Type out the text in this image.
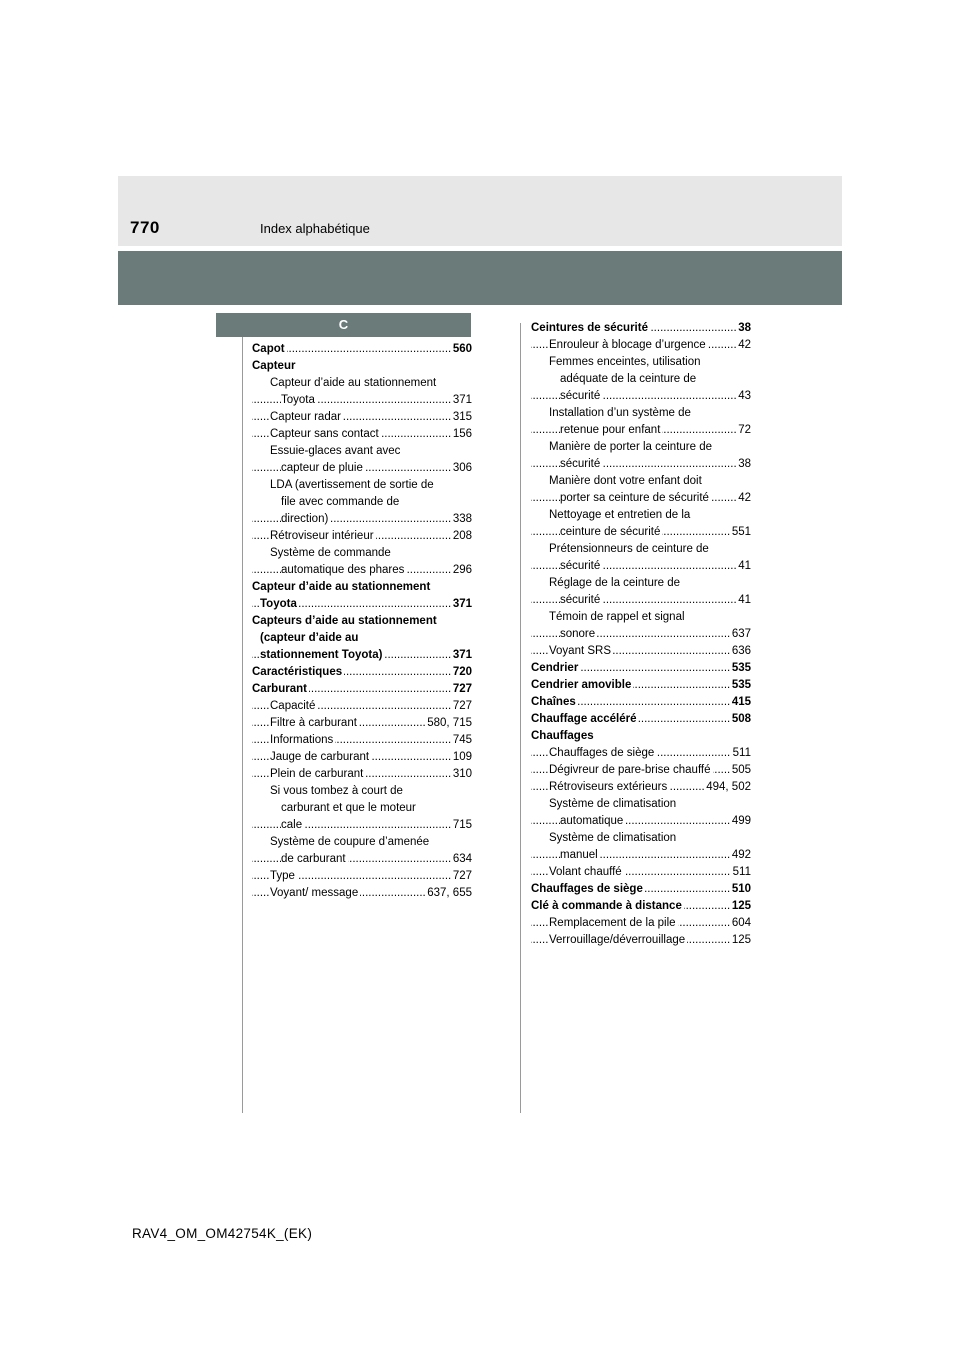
770	Index alphabétique
C
. . . Capot	560
Capteur
. . . Capteur d’aide au stationnement Toyota	371
. . . Capteur radar	315
. . . Capteur sans contact	156
. . . Essuie-glaces avant avec capteur de pluie	306
. . . LDA (avertissement de sortie de file avec commande de direction)	338
. . . Rétroviseur intérieur	208
. . . Système de commande automatique des phares	296
. . . Capteur d’aide au stationnement Toyota	371
. . . Capteurs d’aide au stationnement (capteur d’aide au stationnement Toyota)	371
. . . Caractéristiques	720
. . . Carburant	727
. . . Capacité	727
. . . Filtre à carburant	580, 715
. . . Informations	745
. . . Jauge de carburant	109
. . . Plein de carburant	310
. . . Si vous tombez à court de carburant et que le moteur cale	715
. . . Système de coupure d’amenée de carburant	634
. . . Type	727
. . . Voyant/ message	637, 655
. . . Ceintures de sécurité	38
. . . Enrouleur à blocage d’urgence	42
. . . Femmes enceintes, utilisation adéquate de la ceinture de sécurité	43
. . . Installation d’un système de retenue pour enfant	72
. . . Manière de porter la ceinture de sécurité	38
. . . Manière dont votre enfant doit porter sa ceinture de sécurité	42
. . . Nettoyage et entretien de la ceinture de sécurité	551
. . . Prétensionneurs de ceinture de sécurité	41
. . . Réglage de la ceinture de sécurité	41
. . . Témoin de rappel et signal sonore	637
. . . Voyant SRS	636
. . . Cendrier	535
. . . Cendrier amovible	535
. . . Chaînes	415
. . . Chauffage accéléré	508
Chauffages
. . . Chauffages de siège	511
. . . Dégivreur de pare-brise chauffé 505
. . . Rétroviseurs extérieurs	494, 502
. . . Système de climatisation automatique	499
. . . Système de climatisation manuel	492
. . . Volant chauffé	511
. . . Chauffages de siège	510
. . . Clé à commande à distance	125
. . . Remplacement de la pile	604
. . . Verrouillage/déverrouillage	125
RAV4_OM_OM42754K_(EK)
